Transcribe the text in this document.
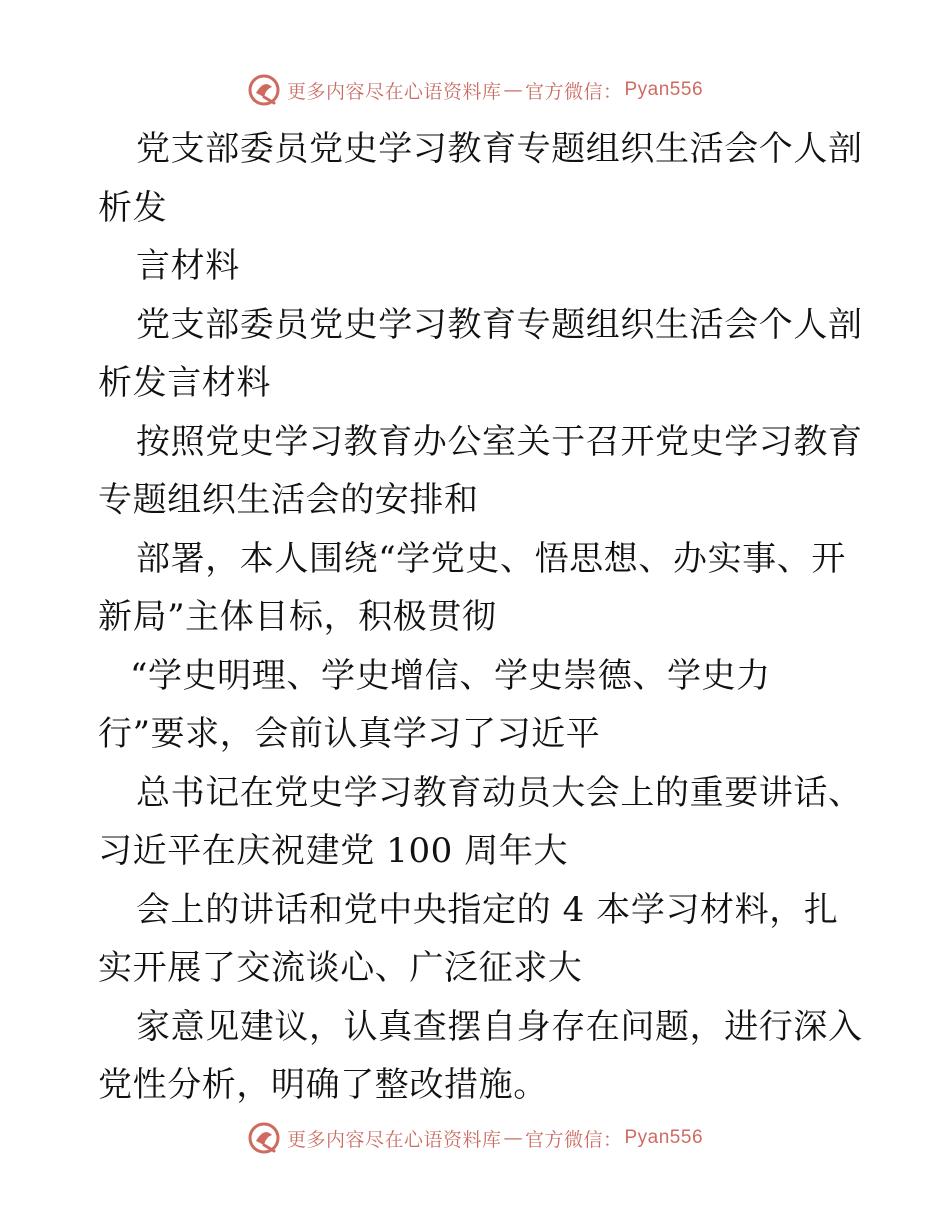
更多内容尽在心语资料库 — 官方微信： Pyan556
党支部委员党史学习教育专题组织生活会个人剖
析发
言材料
党支部委员党史学习教育专题组织生活会个人剖
析发言材料
按照党史学习教育办公室关于召开党史学习教育
专题组织生活会的安排和
部署，本人围绕“学党史、悟思想、办实事、开
新局”主体目标，积极贯彻
“学史明理、学史增信、学史崇德、学史力
行”要求，会前认真学习了习近平
总书记在党史学习教育动员大会上的重要讲话、
习近平在庆祝建党 100 周年大
会上的讲话和党中央指定的 4 本学习材料，扎
实开展了交流谈心、广泛征求大
家意见建议，认真查摆自身存在问题，进行深入
党性分析，明确了整改措施。
更多内容尽在心语资料库 — 官方微信： Pyan556
